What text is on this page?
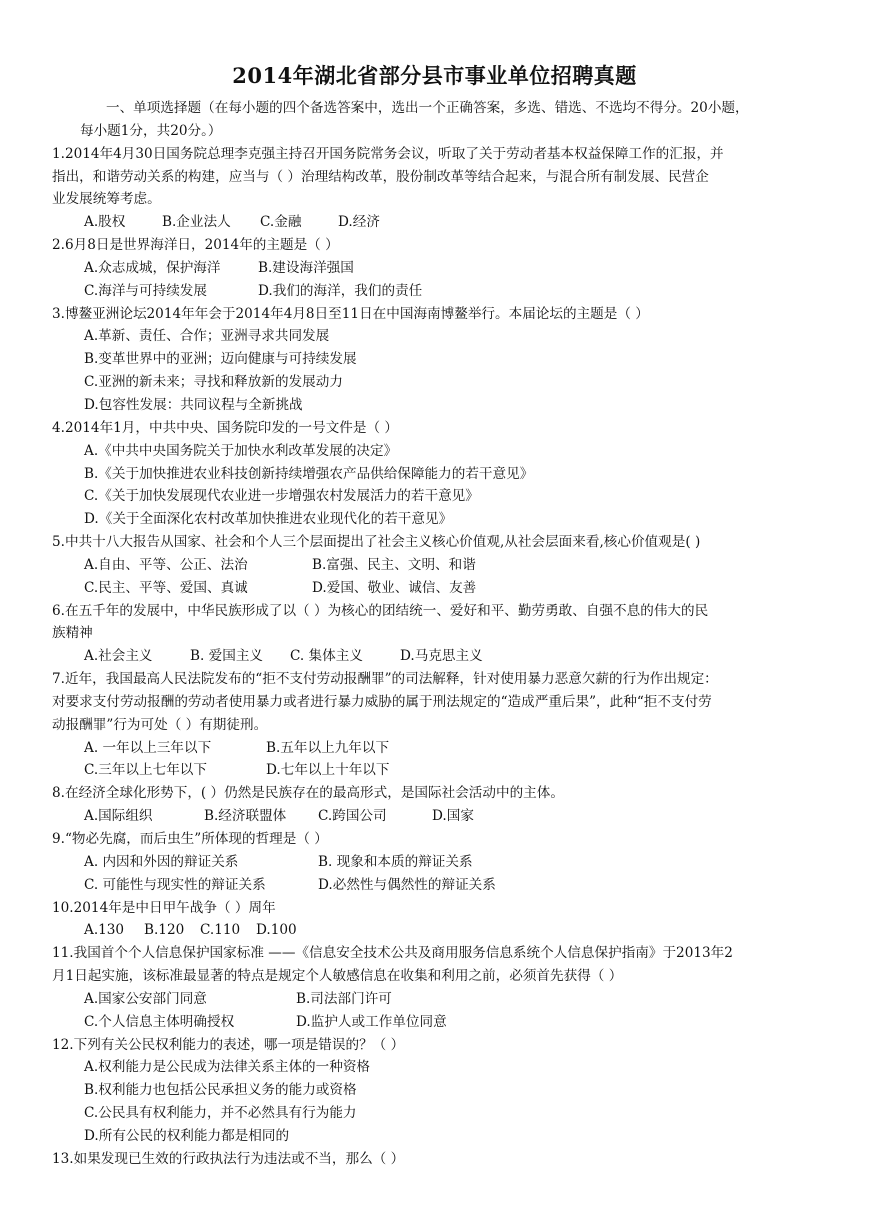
2014年湖北省部分县市事业单位招聘真题
一、单项选择题（在每小题的四个备选答案中，选出一个正确答案，多选、错选、不选均不得分。20小题，
每小题1分，共20分。）
1.2014年4月30日国务院总理李克强主持召开国务院常务会议，听取了关于劳动者基本权益保障工作的汇报，并
指出，和谐劳动关系的构建，应当与（ ）治理结构改革，股份制改革等结合起来，与混合所有制发展、民营企
业发展统筹考虑。
A.股权	B.企业法人 C.金融	D.经济
2.6月8日是世界海洋日，2014年的主题是（ ）
A.众志成城，保护海洋	B.建设海洋强国
C.海洋与可持续发展	D.我们的海洋，我们的责任
3.博鳌亚洲论坛2014年年会于2014年4月8日至11日在中国海南博鳌举行。本届论坛的主题是（ ）
A.革新、责任、合作；亚洲寻求共同发展
B.变革世界中的亚洲；迈向健康与可持续发展
C.亚洲的新未来；寻找和释放新的发展动力
D.包容性发展：共同议程与全新挑战
4.2014年1月，中共中央、国务院印发的一号文件是（ ）
A.《中共中央国务院关于加快水利改革发展的决定》
B.《关于加快推进农业科技创新持续增强农产品供给保障能力的若干意见》
C.《关于加快发展现代农业进一步增强农村发展活力的若干意见》
D.《关于全面深化农村改革加快推进农业现代化的若干意见》
5.中共十八大报告从国家、社会和个人三个层面提出了社会主义核心价值观,从社会层面来看,核心价值观是( )
A.自由、平等、公正、法治	B.富强、民主、文明、和谐
C.民主、平等、爱国、真诚	D.爱国、敬业、诚信、友善
6.在五千年的发展中，中华民族形成了以（ ）为核心的团结统一、爱好和平、勤劳勇敢、自强不息的伟大的民
族精神
A.社会主义	B. 爱国主义 C. 集体主义	D.马克思主义
7.近年，我国最高人民法院发布的“拒不支付劳动报酬罪”的司法解释，针对使用暴力恶意欠薪的行为作出规定：
对要求支付劳动报酬的劳动者使用暴力或者进行暴力威胁的属于刑法规定的“造成严重后果”，此种“拒不支付劳
动报酬罪”行为可处（ ）有期徒刑。
A. 一年以上三年以下	B.五年以上九年以下
C.三年以上七年以下	D.七年以上十年以下
8.在经济全球化形势下，( ）仍然是民族存在的最高形式，是国际社会活动中的主体。
A.国际组织	B.经济联盟体 C.跨国公司	D.国家
9.“物必先腐，而后虫生”所体现的哲理是（ ）
A. 内因和外因的辩证关系	B. 现象和本质的辩证关系
C. 可能性与现实性的辩证关系	D.必然性与偶然性的辩证关系
10.2014年是中日甲午战争（ ）周年
A.130 B.120 C.110 D.100
11.我国首个个人信息保护国家标准 ——《信息安全技术公共及商用服务信息系统个人信息保护指南》于2013年2
月1日起实施，该标准最显著的特点是规定个人敏感信息在收集和利用之前，必须首先获得（ ）
A.国家公安部门同意	B.司法部门许可
C.个人信息主体明确授权	D.监护人或工作单位同意
12.下列有关公民权利能力的表述，哪一项是错误的？（ ）
A.权利能力是公民成为法律关系主体的一种资格
B.权利能力也包括公民承担义务的能力或资格
C.公民具有权利能力，并不必然具有行为能力
D.所有公民的权利能力都是相同的
13.如果发现已生效的行政执法行为违法或不当，那么（ ）
